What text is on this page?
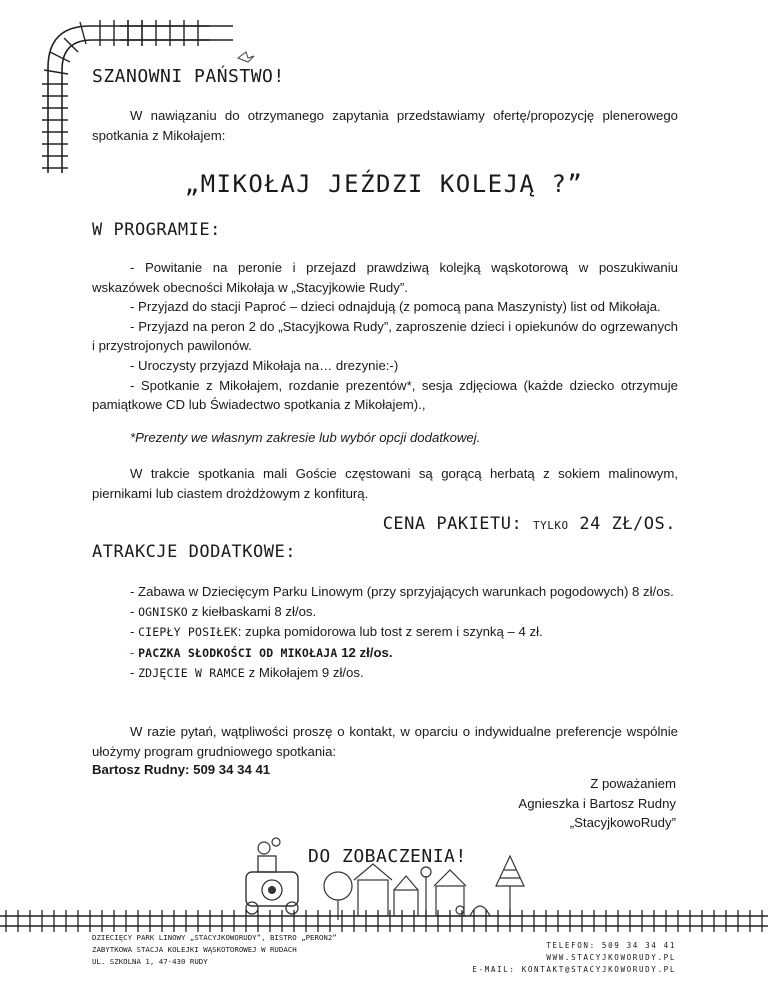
SZANOWNI PAŃSTWO!

W nawiązaniu do otrzymanego zapytania przedstawiamy ofertę/propozycję plenerowego spotkania z Mikołajem:

„MIKOŁAJ JEŹDZI KOLEJĄ ?”
W PROGRAMIE:

- Powitanie na peronie i przejazd prawdziwą kolejką wąskotorową w poszukiwaniu wskazówek obecności Mikołaja w „Stacyjkowie Rudy”.

- Przyjazd do stacji Paproć – dzieci odnajdują (z pomocą pana Maszynisty) list od Mikołaja.

- Przyjazd na peron 2 do „Stacyjkowa Rudy”, zaproszenie dzieci i opiekunów do ogrzewanych i przystrojonych pawilonów.

- Uroczysty przyjazd Mikołaja na… drezynie:-)

- Spotkanie z Mikołajem, rozdanie prezentów*, sesja zdjęciowa (każde dziecko otrzymuje pamiątkowe CD lub Świadectwo spotkania z Mikołajem).,

*Prezenty we własnym zakresie lub wybór opcji dodatkowej.

W trakcie spotkania mali Goście częstowani są gorącą herbatą z sokiem malinowym, piernikami lub ciastem drożdżowym z konfiturą.

CENA PAKIETU: TYLKO 24 ZŁ/OS.
ATRAKCJE DODATKOWE:

- Zabawa w Dziecięcym Parku Linowym (przy sprzyjających warunkach pogodowych) 8 zł/os.

- OGNISKO z kiełbaskami 8 zł/os.

- CIEPŁY POSIŁEK: zupka pomidorowa lub tost z serem i szynką – 4 zł.

- PACZKA SŁODKOŚCI OD MIKOŁAJA 12 zł/os.

- ZDJĘCIE W RAMCE z Mikołajem 9 zł/os.

W razie pytań, wątpliwości proszę o kontakt, w oparciu o indywidualne preferencje wspólnie ułożymy program grudniowego spotkania:

Bartosz Rudny: 509 34 34 41

Z poważaniem

Agnieszka i Bartosz Rudny

„StacyjkowoRudy”

DO ZOBACZENIA!
DZIECIĘCY PARK LINOWY „STACYJKOWORUDY”, BISTRO „PERON2”
ZABYTKOWA STACJA KOLEJKI WĄSKOTOROWEJ W RUDACH
UL. SZKOLNA 1, 47-430 RUDY
TELEFON: 509 34 34 41
WWW.STACYJKOWORUDY.PL
E-MAIL: KONTAKT@STACYJKOWORUDY.PL
